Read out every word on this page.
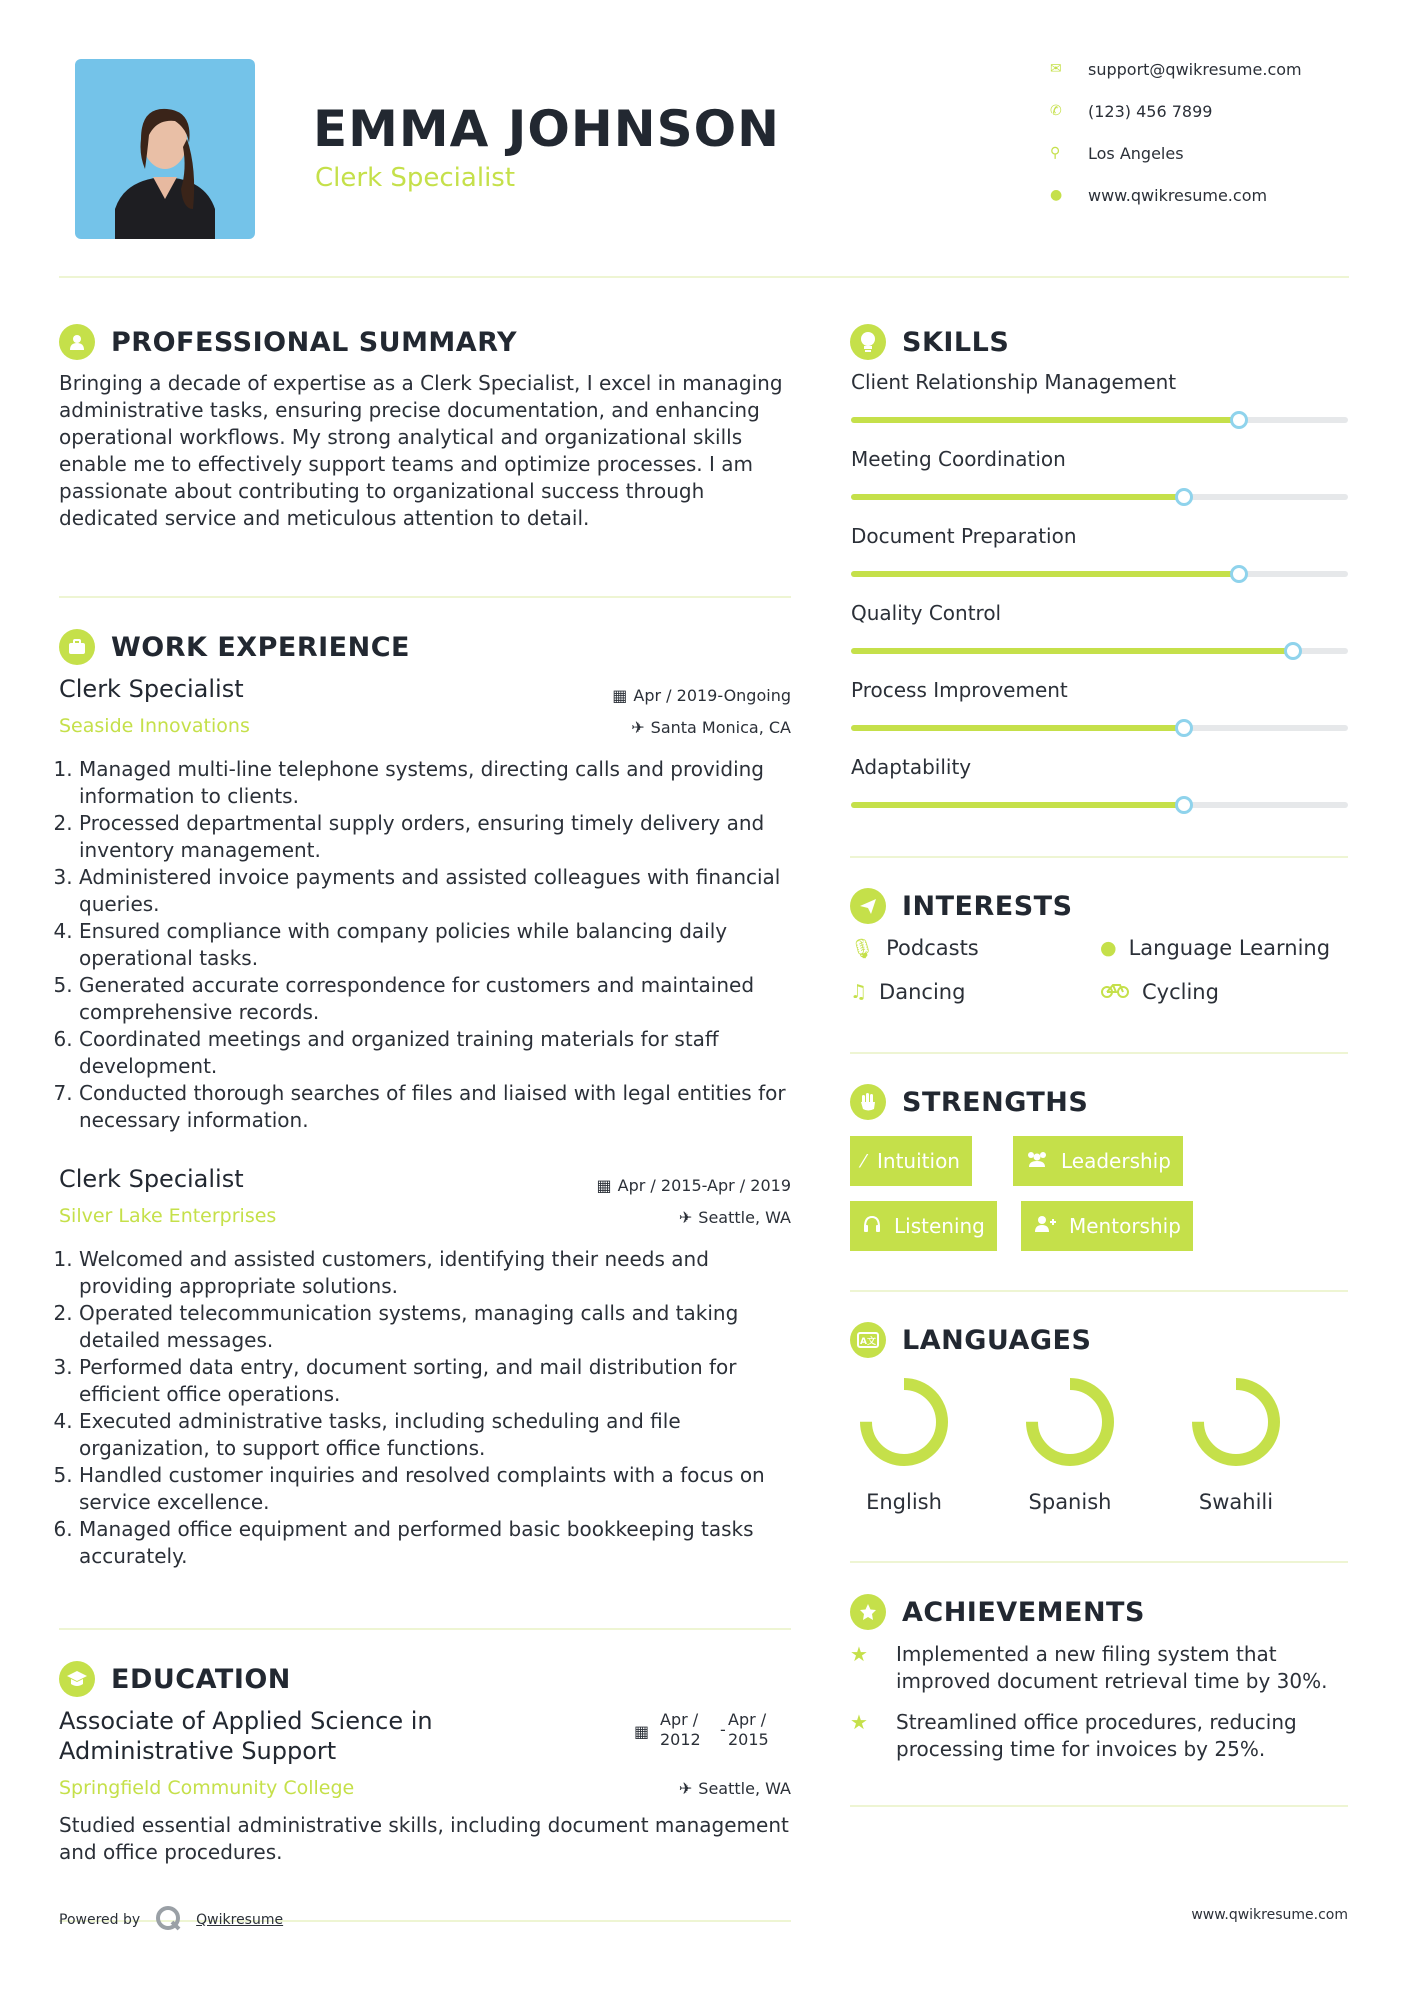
EMMA JOHNSON
Clerk Specialist
✉	support@qwikresume.com
✆	(123) 456 7899
⚲	Los Angeles
●	www.qwikresume.com
PROFESSIONAL SUMMARY
Bringing a decade of expertise as a Clerk Specialist, I excel in managing administrative tasks, ensuring precise documentation, and enhancing operational workflows. My strong analytical and organizational skills enable me to effectively support teams and optimize processes. I am passionate about contributing to organizational success through dedicated service and meticulous attention to detail.
WORK EXPERIENCE
Clerk Specialist	▦ Apr / 2019-Ongoing
Seaside Innovations	✈ Santa Monica, CA
1. Managed multi-line telephone systems, directing calls and providing information to clients.
2. Processed departmental supply orders, ensuring timely delivery and inventory management.
3. Administered invoice payments and assisted colleagues with financial queries.
4. Ensured compliance with company policies while balancing daily operational tasks.
5. Generated accurate correspondence for customers and maintained comprehensive records.
6. Coordinated meetings and organized training materials for staff development.
7. Conducted thorough searches of files and liaised with legal entities for necessary information.
Clerk Specialist	▦ Apr / 2015-Apr / 2019
Silver Lake Enterprises	✈ Seattle, WA
1. Welcomed and assisted customers, identifying their needs and providing appropriate solutions.
2. Operated telecommunication systems, managing calls and taking detailed messages.
3. Performed data entry, document sorting, and mail distribution for efficient office operations.
4. Executed administrative tasks, including scheduling and file organization, to support office functions.
5. Handled customer inquiries and resolved complaints with a focus on service excellence.
6. Managed office equipment and performed basic bookkeeping tasks accurately.
EDUCATION
Associate of Applied Science in Administrative Support
▦
Apr /
2012
-
Apr /
2015
Springfield Community College	✈ Seattle, WA
Studied essential administrative skills, including document management and office procedures.
Powered by	Qwikresume	www.qwikresume.com
SKILLS
Client Relationship Management
Meeting Coordination
Document Preparation
Quality Control
Process Improvement
Adaptability
INTERESTS
🎙 Podcasts	● Language Learning
♫ Dancing	Cycling
STRENGTHS
⁄ Intuition	Leadership
Listening	Mentorship
A文 LANGUAGES
English	Spanish	Swahili
ACHIEVEMENTS
★	Implemented a new filing system that improved document retrieval time by 30%.
★	Streamlined office procedures, reducing processing time for invoices by 25%.
